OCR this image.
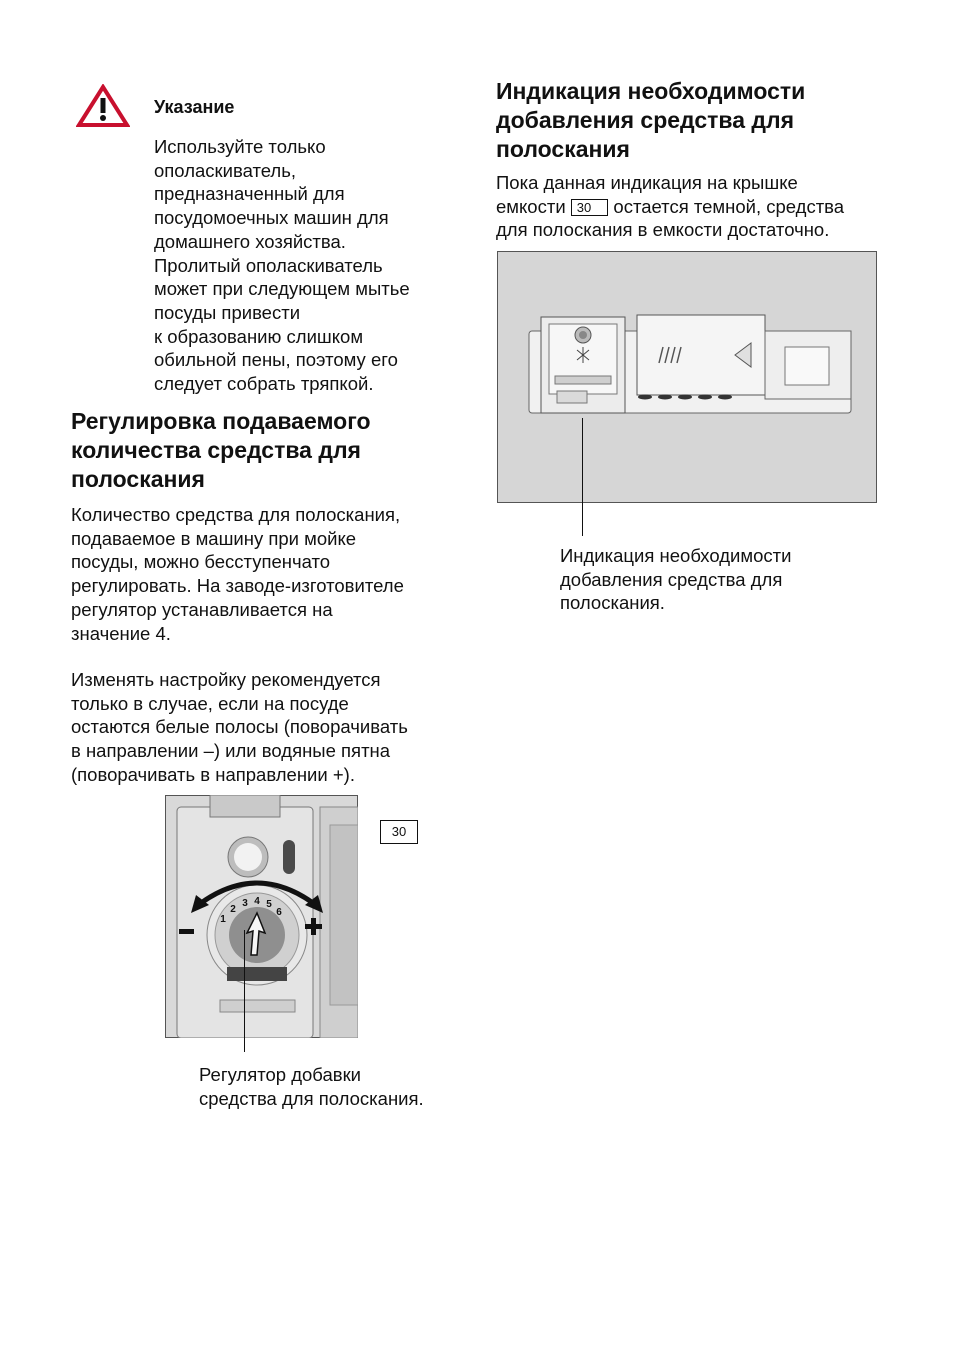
Указание
Используйте только
ополаскиватель,
предназначенный для
посудомоечных машин для
домашнего хозяйства.
Пролитый ополаскиватель
может при следующем мытье
посуды привести
к образованию слишком
обильной пены, поэтому его
следует собрать тряпкой.
Регулировка подаваемого
количества средства для
полоскания
Количество средства для полоскания,
подаваемое в машину при мойке
посуды, можно бесступенчато
регулировать. На заводе-изготовителе
регулятор устанавливается на
значение 4.
Изменять настройку рекомендуется
только в случае, если на посуде
остаются белые полосы (поворачивать
в направлении –) или водяные пятна
(поворачивать в направлении +).
1
2
3 4 5
6
30
Регулятор добавки
средства для полоскания.
Индикация необходимости
добавления средства для
полоскания
Пока данная индикация на крышке
емкости 30 остается темной, средства
для полоскания в емкости достаточно.
Индикация необходимости
добавления средства для
полоскания.
